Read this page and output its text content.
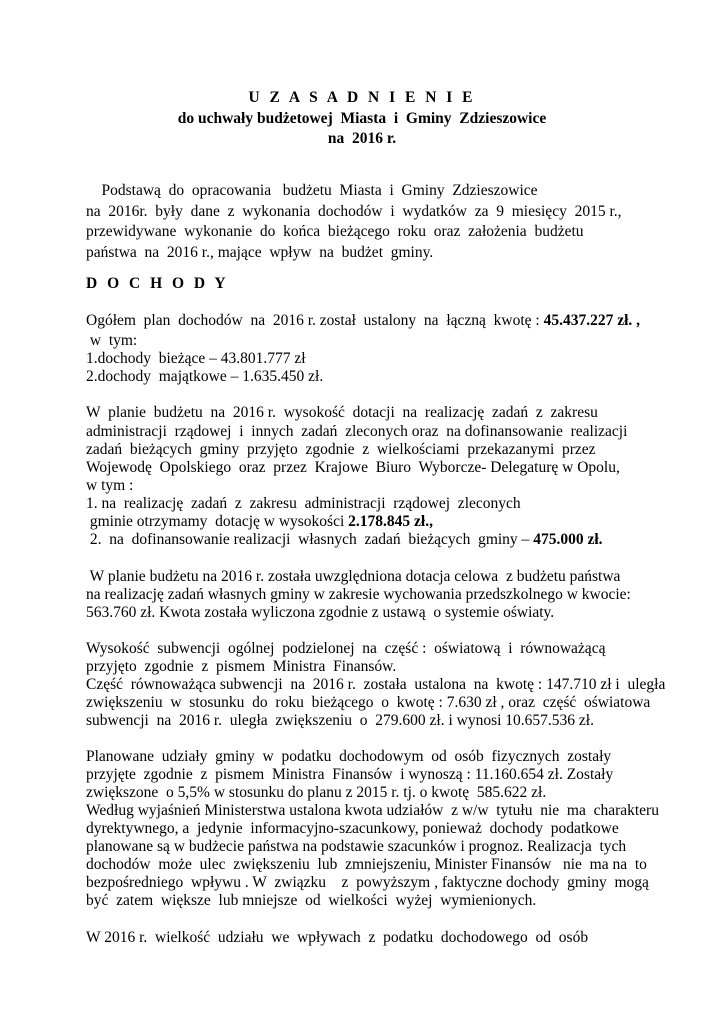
U Z A S A D N I E N I E
do uchwały budżetowej  Miasta  i  Gminy  Zdzieszowice
na  2016 r.
Podstawą  do  opracowania   budżetu  Miasta  i  Gminy  Zdzieszowice
na  2016r.  były  dane  z  wykonania  dochodów  i  wydatków  za  9  miesięcy  2015 r.,
przewidywane  wykonanie  do  końca  bieżącego  roku  oraz  założenia  budżetu
państwa  na  2016 r., mające  wpływ  na  budżet  gminy.
D O C H O D Y
Ogółem  plan  dochodów  na  2016 r. został  ustalony  na  łączną  kwotę : 45.437.227 zł. ,
w  tym:
1.dochody  bieżące – 43.801.777 zł
2.dochody  majątkowe – 1.635.450 zł.
W  planie  budżetu  na  2016 r.  wysokość  dotacji  na  realizację  zadań  z  zakresu
administracji  rządowej  i  innych  zadań  zleconych oraz  na dofinansowanie  realizacji
zadań  bieżących  gminy  przyjęto  zgodnie  z  wielkościami  przekazanymi  przez
Wojewodę  Opolskiego  oraz  przez  Krajowe  Biuro  Wyborcze- Delegaturę w Opolu,
w tym :
1. na  realizację  zadań  z  zakresu  administracji  rządowej  zleconych
gminie otrzymamy  dotację w wysokości 2.178.845 zł.,
2.  na  dofinansowanie realizacji  własnych  zadań  bieżących  gminy – 475.000 zł.
W planie budżetu na 2016 r. została uwzględniona dotacja celowa  z budżetu państwa
na realizację zadań własnych gminy w zakresie wychowania przedszkolnego w kwocie:
563.760 zł. Kwota została wyliczona zgodnie z ustawą  o systemie oświaty.
Wysokość  subwencji  ogólnej  podzielonej  na  część :  oświatową  i  równoważącą
przyjęto  zgodnie  z  pismem  Ministra  Finansów.
Część  równoważąca subwencji  na  2016 r.  została  ustalona  na  kwotę : 147.710 zł i  uległa
zwiększeniu  w  stosunku  do  roku  bieżącego  o  kwotę : 7.630 zł , oraz  część  oświatowa
subwencji  na  2016 r.  uległa  zwiększeniu  o  279.600 zł. i wynosi 10.657.536 zł.
Planowane  udziały  gminy  w  podatku  dochodowym  od  osób  fizycznych  zostały
przyjęte  zgodnie  z  pismem  Ministra  Finansów  i wynoszą : 11.160.654 zł. Zostały
zwiększone  o 5,5% w stosunku do planu z 2015 r. tj. o kwotę  585.622 zł.
Według wyjaśnień Ministerstwa ustalona kwota udziałów  z w/w  tytułu  nie  ma  charakteru
dyrektywnego, a  jedynie  informacyjno-szacunkowy, ponieważ  dochody  podatkowe
planowane są w budżecie państwa na podstawie szacunków i prognoz. Realizacja  tych
dochodów  może  ulec  zwiększeniu  lub  zmniejszeniu, Minister Finansów   nie  ma na  to
bezpośredniego  wpływu . W  związku    z  powyższym , faktyczne dochody  gminy  mogą
być  zatem  większe  lub mniejsze  od  wielkości  wyżej  wymienionych.
W 2016 r.  wielkość  udziału  we  wpływach  z  podatku  dochodowego  od  osób
